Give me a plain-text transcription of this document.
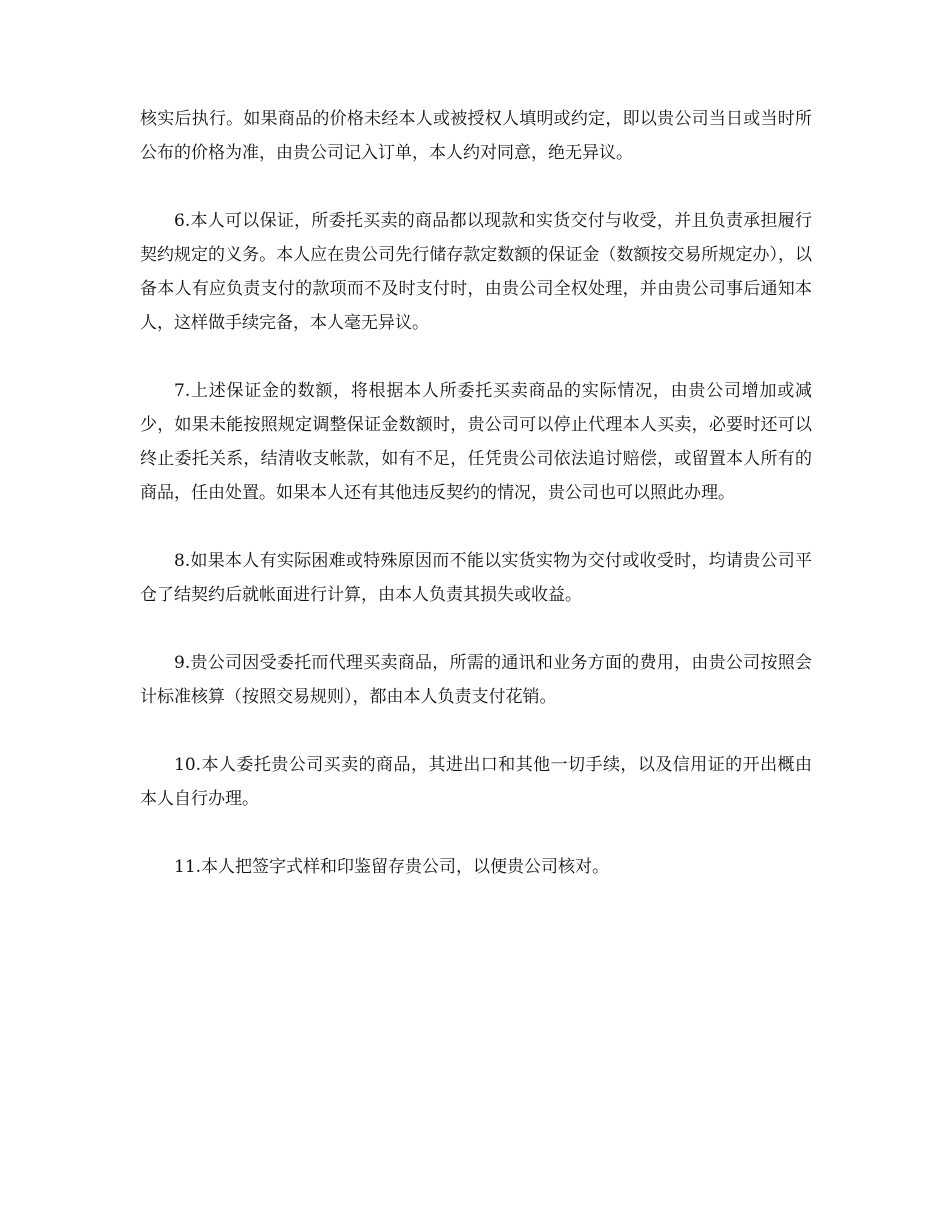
核实后执行。如果商品的价格未经本人或被授权人填明或约定，即以贵公司当日或当时所公布的价格为准，由贵公司记入订单，本人约对同意，绝无异议。

6.本人可以保证，所委托买卖的商品都以现款和实货交付与收受，并且负责承担履行契约规定的义务。本人应在贵公司先行储存款定数额的保证金（数额按交易所规定办），以备本人有应负责支付的款项而不及时支付时，由贵公司全权处理，并由贵公司事后通知本人，这样做手续完备，本人毫无异议。

7.上述保证金的数额，将根据本人所委托买卖商品的实际情况，由贵公司增加或减少，如果未能按照规定调整保证金数额时，贵公司可以停止代理本人买卖，必要时还可以终止委托关系，结清收支帐款，如有不足，任凭贵公司依法追讨赔偿，或留置本人所有的商品，任由处置。如果本人还有其他违反契约的情况，贵公司也可以照此办理。

8.如果本人有实际困难或特殊原因而不能以实货实物为交付或收受时，均请贵公司平仓了结契约后就帐面进行计算，由本人负责其损失或收益。

9.贵公司因受委托而代理买卖商品，所需的通讯和业务方面的费用，由贵公司按照会计标准核算（按照交易规则），都由本人负责支付花销。

10.本人委托贵公司买卖的商品，其进出口和其他一切手续，以及信用证的开出概由本人自行办理。

11.本人把签字式样和印鉴留存贵公司，以便贵公司核对。
